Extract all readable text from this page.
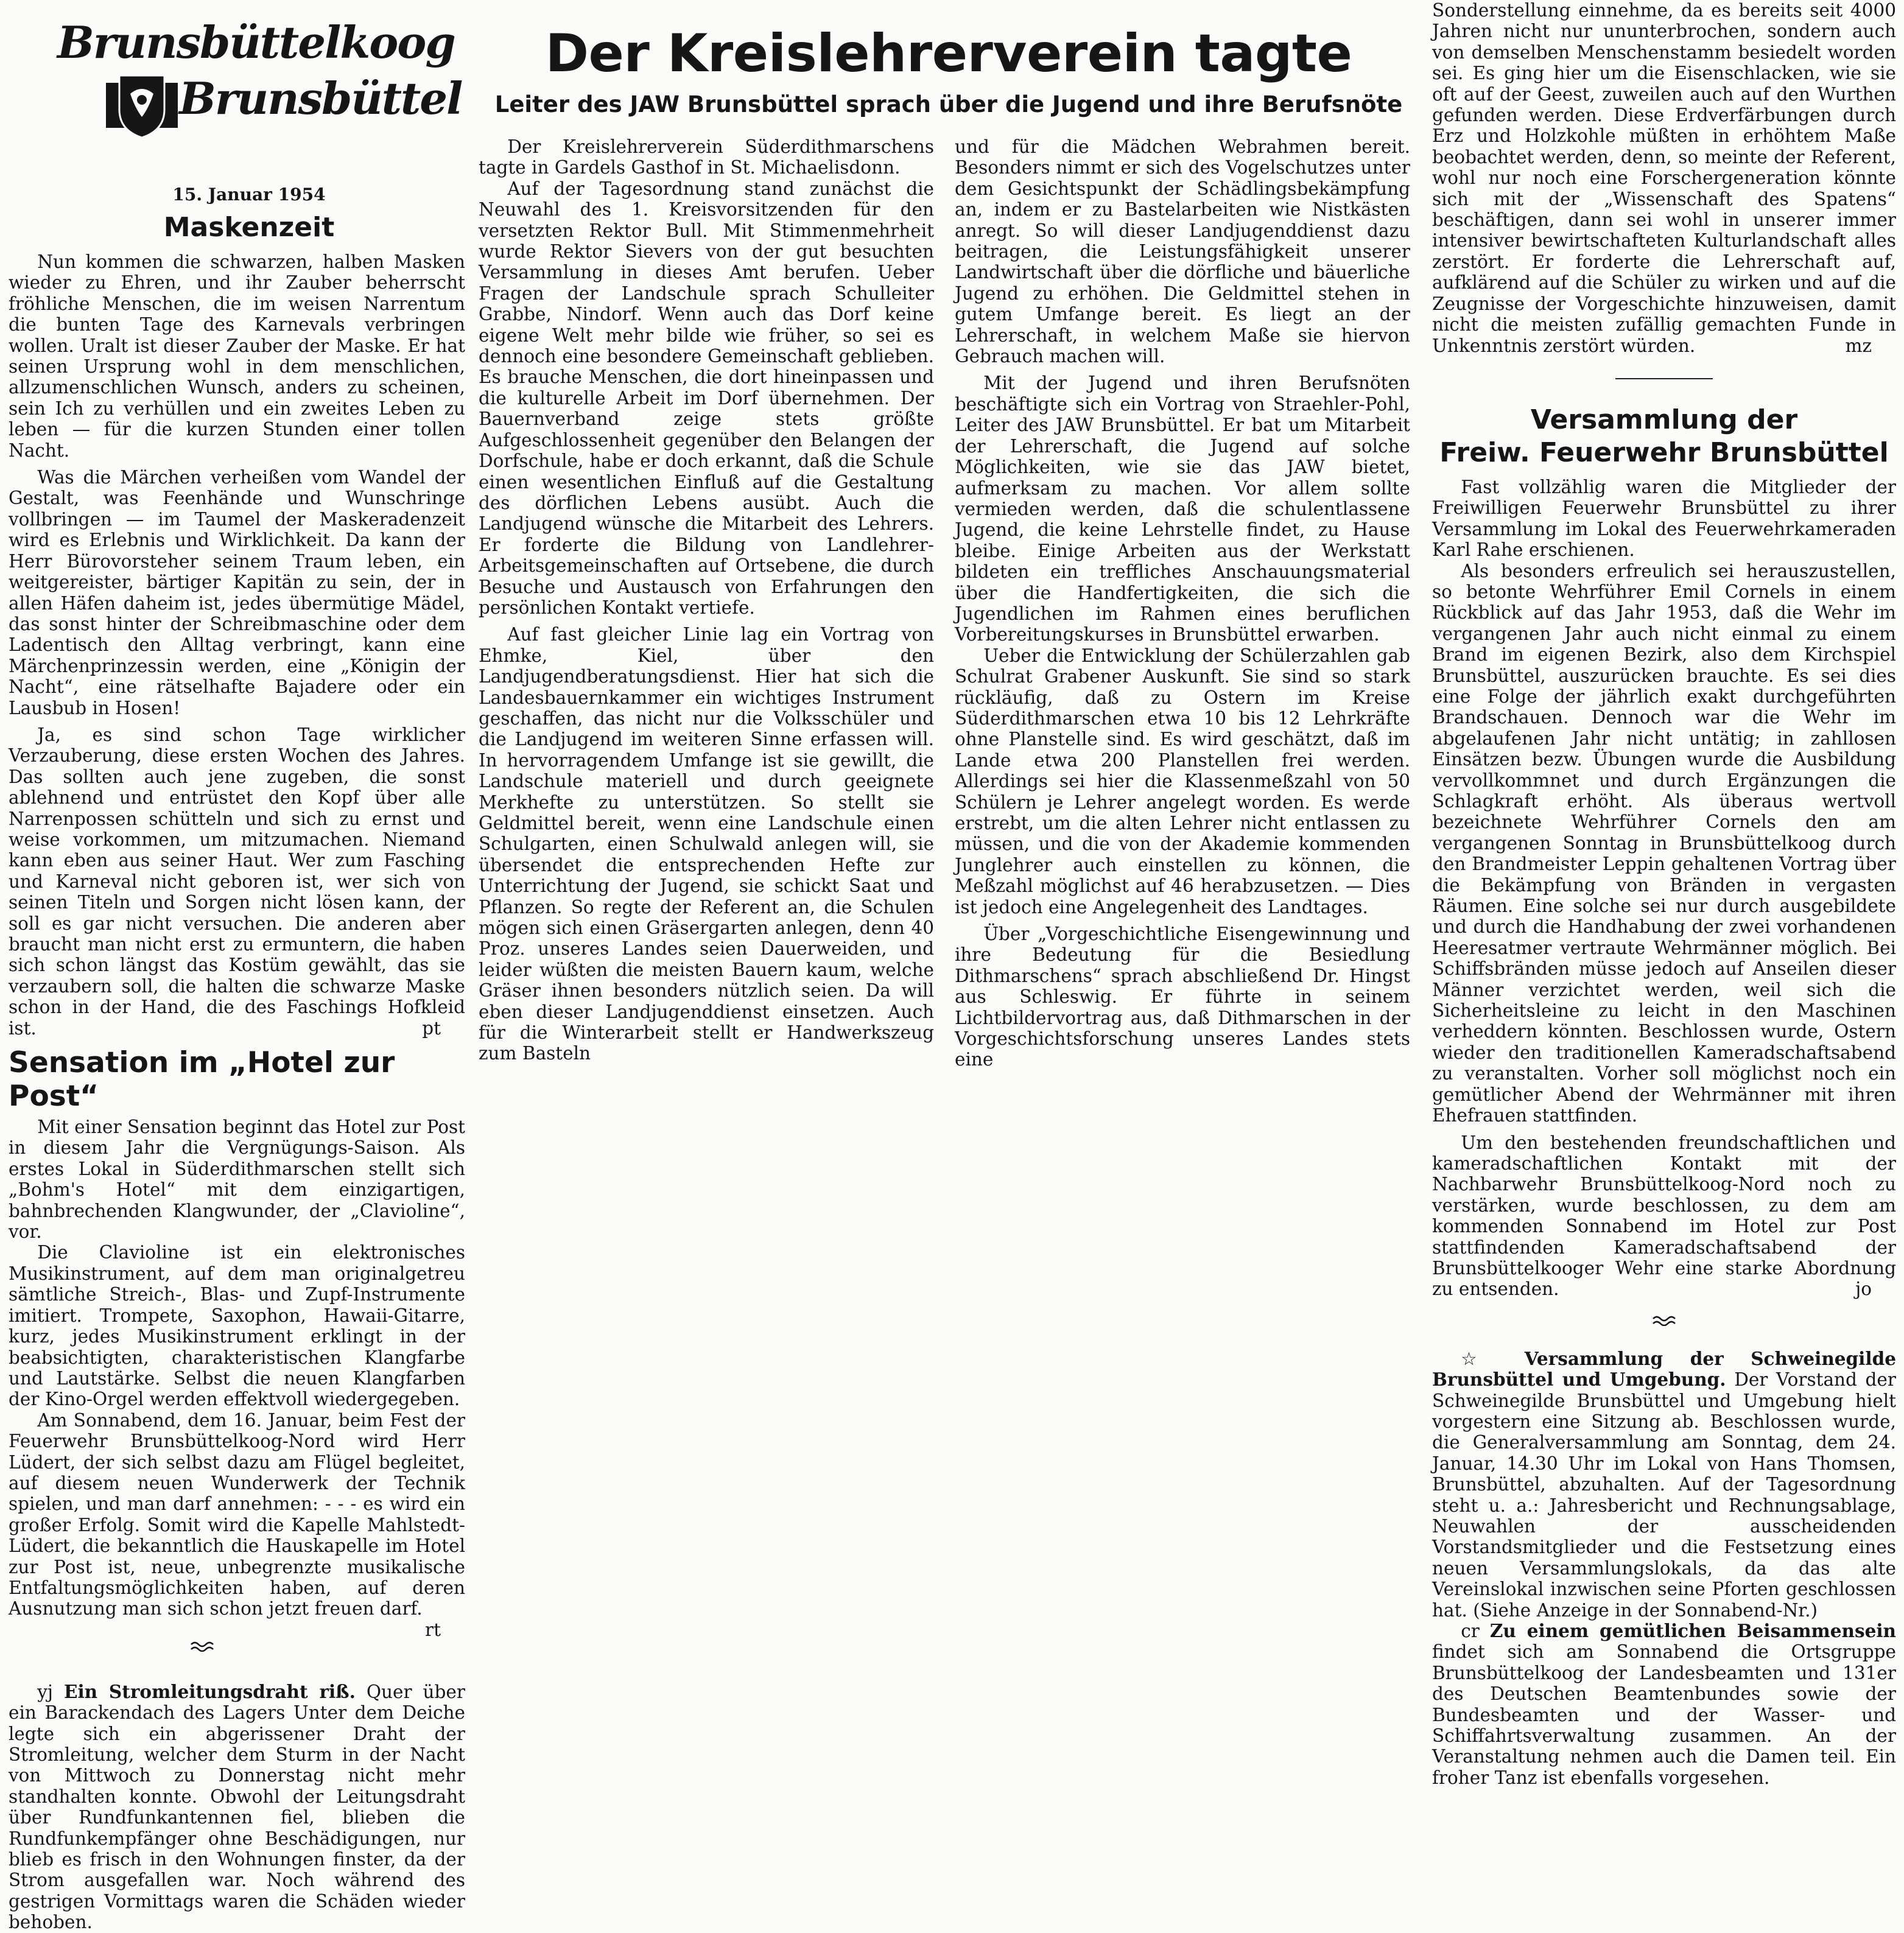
Brunsbüttelkoog
Brunsbüttel
15. Januar 1954
Maskenzeit

Nun kommen die schwarzen, halben Masken wieder zu Ehren, und ihr Zauber beherrscht fröhliche Menschen, die im weisen Narrentum die bunten Tage des Karnevals verbringen wollen. Uralt ist dieser Zauber der Maske. Er hat seinen Ursprung wohl in dem menschlichen, allzumenschlichen Wunsch, anders zu scheinen, sein Ich zu verhüllen und ein zweites Leben zu leben — für die kurzen Stunden einer tollen Nacht.

Was die Märchen verheißen vom Wandel der Gestalt, was Feenhände und Wunschringe vollbringen — im Taumel der Maskeradenzeit wird es Erlebnis und Wirklichkeit. Da kann der Herr Bürovorsteher seinem Traum leben, ein weitgereister, bärtiger Kapitän zu sein, der in allen Häfen daheim ist, jedes übermütige Mädel, das sonst hinter der Schreibmaschine oder dem Ladentisch den Alltag verbringt, kann eine Märchenprinzessin werden, eine „Königin der Nacht“, eine rätselhafte Bajadere oder ein Lausbub in Hosen!

Ja, es sind schon Tage wirklicher Verzauberung, diese ersten Wochen des Jahres. Das sollten auch jene zugeben, die sonst ablehnend und entrüstet den Kopf über alle Narrenpossen schütteln und sich zu ernst und weise vorkommen, um mitzumachen. Niemand kann eben aus seiner Haut. Wer zum Fasching und Karneval nicht geboren ist, wer sich von seinen Titeln und Sorgen nicht lösen kann, der soll es gar nicht versuchen. Die anderen aber braucht man nicht erst zu ermuntern, die haben sich schon längst das Kostüm gewählt, das sie verzaubern soll, die halten die schwarze Maske schon in der Hand, die des Faschings Hofkleid ist.	pt

Sensation im „Hotel zur Post“

Mit einer Sensation beginnt das Hotel zur Post in diesem Jahr die Vergnügungs-Saison. Als erstes Lokal in Süderdithmarschen stellt sich „Bohm's Hotel“ mit dem einzigartigen, bahnbrechenden Klangwunder, der „Clavioline“, vor.

Die Clavioline ist ein elektronisches Musikinstrument, auf dem man originalgetreu sämtliche Streich-, Blas- und Zupf-Instrumente imitiert. Trompete, Saxophon, Hawaii-Gitarre, kurz, jedes Musikinstrument erklingt in der beabsichtigten, charakteristischen Klangfarbe und Lautstärke. Selbst die neuen Klangfarben der Kino-Orgel werden effektvoll wiedergegeben.

Am Sonnabend, dem 16. Januar, beim Fest der Feuerwehr Brunsbüttelkoog-Nord wird Herr Lüdert, der sich selbst dazu am Flügel begleitet, auf diesem neuen Wunderwerk der Technik spielen, und man darf annehmen: - - - es wird ein großer Erfolg. Somit wird die Kapelle Mahlstedt-Lüdert, die bekanntlich die Hauskapelle im Hotel zur Post ist, neue, unbegrenzte musikalische Entfaltungsmöglichkeiten haben, auf deren Ausnutzung man sich schon jetzt freuen darf.
rt

yj Ein Stromleitungsdraht riß. Quer über ein Barackendach des Lagers Unter dem Deiche legte sich ein abgerissener Draht der Stromleitung, welcher dem Sturm in der Nacht von Mittwoch zu Donnerstag nicht mehr standhalten konnte. Obwohl der Leitungsdraht über Rundfunkantennen fiel, blieben die Rundfunkempfänger ohne Beschädigungen, nur blieb es frisch in den Wohnungen finster, da der Strom ausgefallen war. Noch während des gestrigen Vormittags waren die Schäden wieder behoben.

Der Kreislehrerverein tagte
Leiter des JAW Brunsbüttel sprach über die Jugend und ihre Berufsnöte

Der Kreislehrerverein Süderdithmarschens tagte in Gardels Gasthof in St. Michaelisdonn.

Auf der Tagesordnung stand zunächst die Neuwahl des 1. Kreisvorsitzenden für den versetzten Rektor Bull. Mit Stimmenmehrheit wurde Rektor Sievers von der gut besuchten Versammlung in dieses Amt berufen. Ueber Fragen der Landschule sprach Schulleiter Grabbe, Nindorf. Wenn auch das Dorf keine eigene Welt mehr bilde wie früher, so sei es dennoch eine besondere Gemeinschaft geblieben. Es brauche Menschen, die dort hineinpassen und die kulturelle Arbeit im Dorf übernehmen. Der Bauernverband zeige stets größte Aufgeschlossenheit gegenüber den Belangen der Dorfschule, habe er doch erkannt, daß die Schule einen wesentlichen Einfluß auf die Gestaltung des dörflichen Lebens ausübt. Auch die Landjugend wünsche die Mitarbeit des Lehrers. Er forderte die Bildung von Landlehrer-Arbeitsgemeinschaften auf Ortsebene, die durch Besuche und Austausch von Erfahrungen den persönlichen Kontakt vertiefe.

Auf fast gleicher Linie lag ein Vortrag von Ehmke, Kiel, über den Landjugendberatungsdienst. Hier hat sich die Landesbauernkammer ein wichtiges Instrument geschaffen, das nicht nur die Volksschüler und die Landjugend im weiteren Sinne erfassen will. In hervorragendem Umfange ist sie gewillt, die Landschule materiell und durch geeignete Merkhefte zu unterstützen. So stellt sie Geldmittel bereit, wenn eine Landschule einen Schulgarten, einen Schulwald anlegen will, sie übersendet die entsprechenden Hefte zur Unterrichtung der Jugend, sie schickt Saat und Pflanzen. So regte der Referent an, die Schulen mögen sich einen Gräsergarten anlegen, denn 40 Proz. unseres Landes seien Dauerweiden, und leider wüßten die meisten Bauern kaum, welche Gräser ihnen besonders nützlich seien. Da will eben dieser Landjugenddienst einsetzen. Auch für die Winterarbeit stellt er Handwerkszeug zum Basteln

und für die Mädchen Webrahmen bereit. Besonders nimmt er sich des Vogelschutzes unter dem Gesichtspunkt der Schädlingsbekämpfung an, indem er zu Bastelarbeiten wie Nistkästen anregt. So will dieser Landjugenddienst dazu beitragen, die Leistungsfähigkeit unserer Landwirtschaft über die dörfliche und bäuerliche Jugend zu erhöhen. Die Geldmittel stehen in gutem Umfange bereit. Es liegt an der Lehrerschaft, in welchem Maße sie hiervon Gebrauch machen will.

Mit der Jugend und ihren Berufsnöten beschäftigte sich ein Vortrag von Straehler-Pohl, Leiter des JAW Brunsbüttel. Er bat um Mitarbeit der Lehrerschaft, die Jugend auf solche Möglichkeiten, wie sie das JAW bietet, aufmerksam zu machen. Vor allem sollte vermieden werden, daß die schulentlassene Jugend, die keine Lehrstelle findet, zu Hause bleibe. Einige Arbeiten aus der Werkstatt bildeten ein treffliches Anschauungsmaterial über die Handfertigkeiten, die sich die Jugendlichen im Rahmen eines beruflichen Vorbereitungskurses in Brunsbüttel erwarben.

Ueber die Entwicklung der Schülerzahlen gab Schulrat Grabener Auskunft. Sie sind so stark rückläufig, daß zu Ostern im Kreise Süderdithmarschen etwa 10 bis 12 Lehrkräfte ohne Planstelle sind. Es wird geschätzt, daß im Lande etwa 200 Planstellen frei werden. Allerdings sei hier die Klassenmeßzahl von 50 Schülern je Lehrer angelegt worden. Es werde erstrebt, um die alten Lehrer nicht entlassen zu müssen, und die von der Akademie kommenden Junglehrer auch einstellen zu können, die Meßzahl möglichst auf 46 herabzusetzen. — Dies ist jedoch eine Angelegenheit des Landtages.

Über „Vorgeschichtliche Eisengewinnung und ihre Bedeutung für die Besiedlung Dithmarschens“ sprach abschließend Dr. Hingst aus Schleswig. Er führte in seinem Lichtbildervortrag aus, daß Dithmarschen in der Vorgeschichtsforschung unseres Landes stets eine

Sonderstellung einnehme, da es bereits seit 4000 Jahren nicht nur ununterbrochen, sondern auch von demselben Menschenstamm besiedelt worden sei. Es ging hier um die Eisenschlacken, wie sie oft auf der Geest, zuweilen auch auf den Wurthen gefunden werden. Diese Erdverfärbungen durch Erz und Holzkohle müßten in erhöhtem Maße beobachtet werden, denn, so meinte der Referent, wohl nur noch eine Forschergeneration könnte sich mit der „Wissenschaft des Spatens“ beschäftigen, dann sei wohl in unserer immer intensiver bewirtschafteten Kulturlandschaft alles zerstört. Er forderte die Lehrerschaft auf, aufklärend auf die Schüler zu wirken und auf die Zeugnisse der Vorgeschichte hinzuweisen, damit nicht die meisten zufällig gemachten Funde in Unkenntnis zerstört würden.	mz

Versammlung der
Freiw. Feuerwehr Brunsbüttel

Fast vollzählig waren die Mitglieder der Freiwilligen Feuerwehr Brunsbüttel zu ihrer Versammlung im Lokal des Feuerwehrkameraden Karl Rahe erschienen.

Als besonders erfreulich sei herauszustellen, so betonte Wehrführer Emil Cornels in einem Rückblick auf das Jahr 1953, daß die Wehr im vergangenen Jahr auch nicht einmal zu einem Brand im eigenen Bezirk, also dem Kirchspiel Brunsbüttel, auszurücken brauchte. Es sei dies eine Folge der jährlich exakt durchgeführten Brandschauen. Dennoch war die Wehr im abgelaufenen Jahr nicht untätig; in zahllosen Einsätzen bezw. Übungen wurde die Ausbildung vervollkommnet und durch Ergänzungen die Schlagkraft erhöht. Als überaus wertvoll bezeichnete Wehrführer Cornels den am vergangenen Sonntag in Brunsbüttelkoog durch den Brandmeister Leppin gehaltenen Vortrag über die Bekämpfung von Bränden in vergasten Räumen. Eine solche sei nur durch ausgebildete und durch die Handhabung der zwei vorhandenen Heeresatmer vertraute Wehrmänner möglich. Bei Schiffsbränden müsse jedoch auf Anseilen dieser Männer verzichtet werden, weil sich die Sicherheitsleine zu leicht in den Maschinen verheddern könnten. Beschlossen wurde, Ostern wieder den traditionellen Kameradschaftsabend zu veranstalten. Vorher soll möglichst noch ein gemütlicher Abend der Wehrmänner mit ihren Ehefrauen stattfinden.

Um den bestehenden freundschaftlichen und kameradschaftlichen Kontakt mit der Nachbarwehr Brunsbüttelkoog-Nord noch zu verstärken, wurde beschlossen, zu dem am kommenden Sonnabend im Hotel zur Post stattfindenden Kameradschaftsabend der Brunsbüttelkooger Wehr eine starke Abordnung zu entsenden.	jo

☆ Versammlung der Schweinegilde Brunsbüttel und Umgebung. Der Vorstand der Schweinegilde Brunsbüttel und Umgebung hielt vorgestern eine Sitzung ab. Beschlossen wurde, die Generalversammlung am Sonntag, dem 24. Januar, 14.30 Uhr im Lokal von Hans Thomsen, Brunsbüttel, abzuhalten. Auf der Tagesordnung steht u. a.: Jahresbericht und Rechnungsablage, Neuwahlen der ausscheidenden Vorstandsmitglieder und die Festsetzung eines neuen Versammlungslokals, da das alte Vereinslokal inzwischen seine Pforten geschlossen hat. (Siehe Anzeige in der Sonnabend-Nr.)

cr Zu einem gemütlichen Beisammensein findet sich am Sonnabend die Ortsgruppe Brunsbüttelkoog der Landesbeamten und 131er des Deutschen Beamtenbundes sowie der Bundesbeamten und der Wasser- und Schiffahrtsverwaltung zusammen. An der Veranstaltung nehmen auch die Damen teil. Ein froher Tanz ist ebenfalls vorgesehen.
